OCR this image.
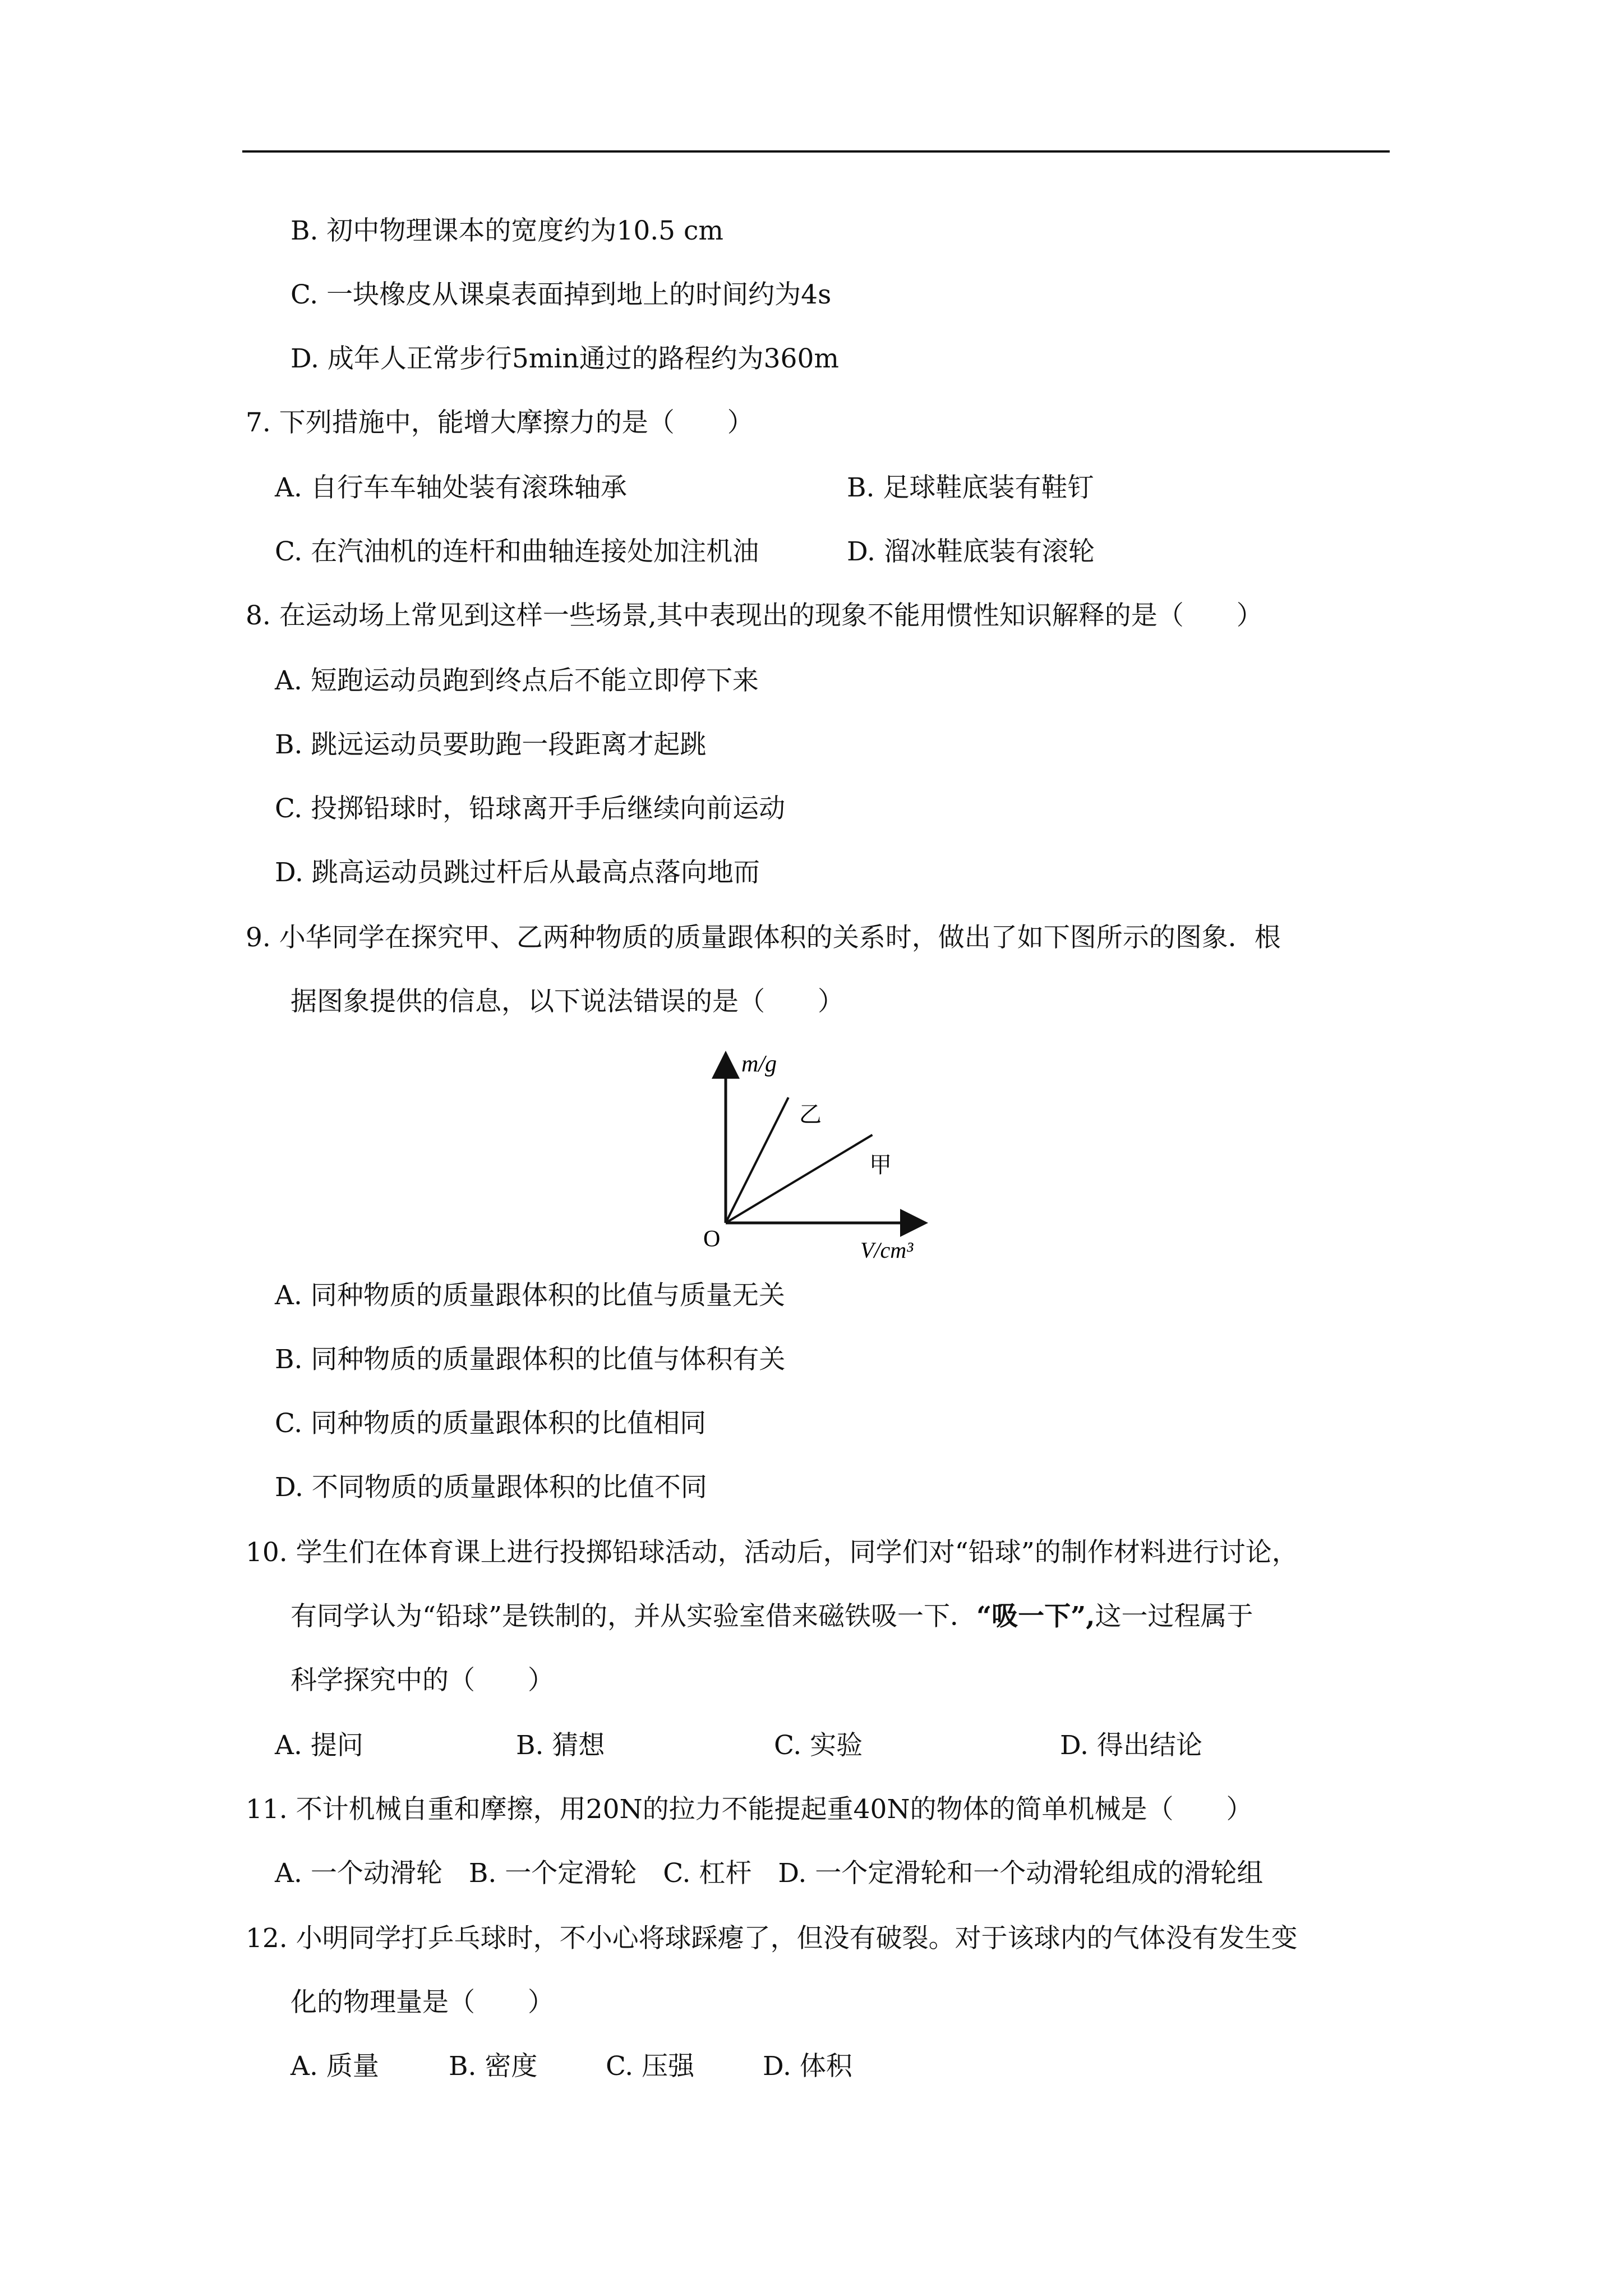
B. 初中物理课本的宽度约为10.5 cm
C. 一块橡皮从课桌表面掉到地上的时间约为4s
D. 成年人正常步行5min通过的路程约为360m
7. 下列措施中，能增大摩擦力的是（　　）
A. 自行车车轴处装有滚珠轴承	B. 足球鞋底装有鞋钉
C. 在汽油机的连杆和曲轴连接处加注机油	D. 溜冰鞋底装有滚轮
8. 在运动场上常见到这样一些场景,其中表现出的现象不能用惯性知识解释的是（　　）
A. 短跑运动员跑到终点后不能立即停下来
B. 跳远运动员要助跑一段距离才起跳
C. 投掷铅球时，铅球离开手后继续向前运动
D. 跳高运动员跳过杆后从最高点落向地而
9. 小华同学在探究甲、乙两种物质的质量跟体积的关系时，做出了如下图所示的图象．根
据图象提供的信息，以下说法错误的是（　　）
m/g
乙
甲
O	V/cm³
A. 同种物质的质量跟体积的比值与质量无关
B. 同种物质的质量跟体积的比值与体积有关
C. 同种物质的质量跟体积的比值相同
D. 不同物质的质量跟体积的比值不同
10. 学生们在体育课上进行投掷铅球活动，活动后，同学们对“铅球”的制作材料进行讨论，
有同学认为“铅球”是铁制的，并从实验室借来磁铁吸一下．“吸一下”,这一过程属于
科学探究中的（　　）
A. 提问	B. 猜想	C. 实验	D. 得出结论
11. 不计机械自重和摩擦，用20N的拉力不能提起重40N的物体的简单机械是（　　）
A. 一个动滑轮　B. 一个定滑轮　C. 杠杆　D. 一个定滑轮和一个动滑轮组成的滑轮组
12. 小明同学打乒乓球时，不小心将球踩瘪了，但没有破裂。对于该球内的气体没有发生变
化的物理量是（　　）
A. 质量	B. 密度	C. 压强	D. 体积
